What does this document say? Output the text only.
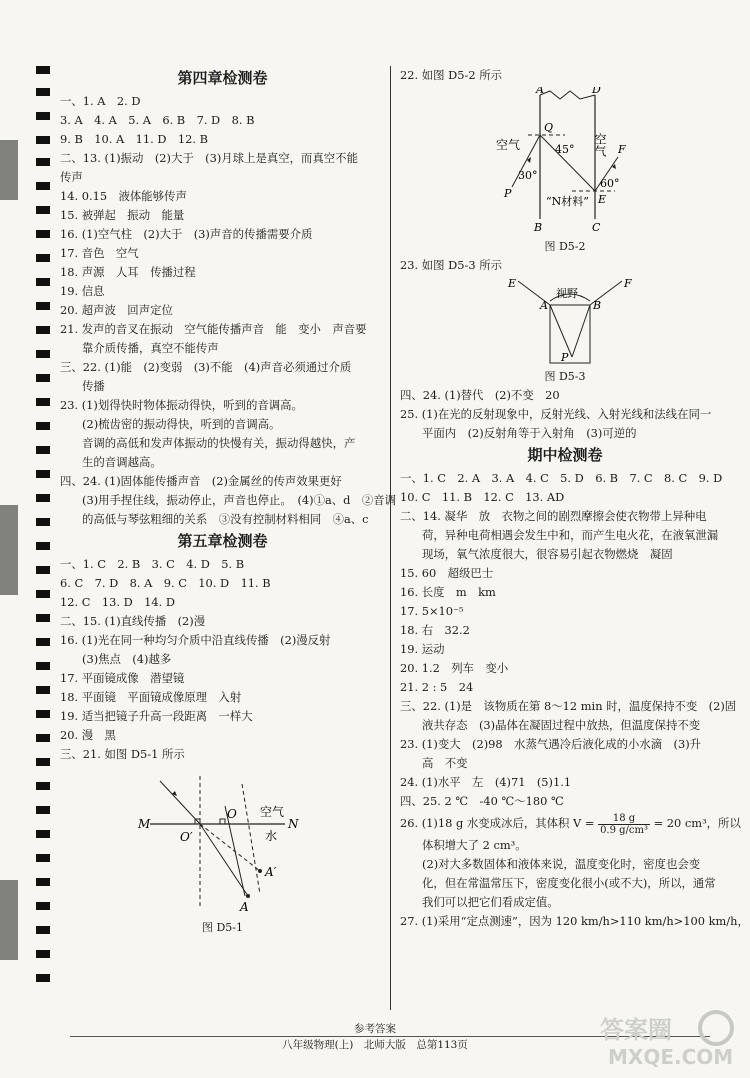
第四章检测卷
一、1. A　2. D
3. A　4. A　5. A　6. B　7. D　8. B
9. B　10. A　11. D　12. B
二、13. (1)振动　(2)大于　(3)月球上是真空，而真空不能
传声
14. 0.15　液体能够传声
15. 被弹起　振动　能量
16. (1)空气柱　(2)大于　(3)声音的传播需要介质
17. 音色　空气
18. 声源　人耳　传播过程
19. 信息
20. 超声波　回声定位
21. 发声的音叉在振动　空气能传播声音　能　变小　声音要
靠介质传播，真空不能传声
三、22. (1)能　(2)变弱　(3)不能　(4)声音必须通过介质
传播
23. (1)划得快时物体振动得快，听到的音调高。
(2)梳齿密的振动得快，听到的音调高。
音调的高低和发声体振动的快慢有关，振动得越快，产
生的音调越高。
四、24. (1)固体能传播声音　(2)金属丝的传声效果更好
(3)用手捏住线，振动停止，声音也停止。　(4)①a、d　②音调
的高低与琴弦粗细的关系　③没有控制材料相同　④a、c
第五章检测卷
一、1. C　2. B　3. C　4. D　5. B
6. C　7. D　8. A　9. C　10. D　11. B
12. C　13. D　14. D
二、15. (1)直线传播　(2)漫
16. (1)光在同一种均匀介质中沿直线传播　(2)漫反射
(3)焦点　(4)越多
17. 平面镜成像　潜望镜
18. 平面镜　平面镜成像原理　入射
19. 适当把镜子升高一段距离　一样大
20. 漫　黑
三、21. 如图 D5-1 所示
空气
水
M	N
O
O′
A′
A
图 D5-1
22. 如图 D5-2 所示
空气	空气
45°
30°
60°
“N材料”
A	D
B	C
E
F
P
Q
图 D5-2
23. 如图 D5-3 所示
视野
A	B
E	F
P
图 D5-3
四、24. (1)替代　(2)不变　20
25. (1)在光的反射现象中，反射光线、入射光线和法线在同一
平面内　(2)反射角等于入射角　(3)可逆的
期中检测卷
一、1. C　2. A　3. A　4. C　5. D　6. B　7. C　8. C　9. D
10. C　11. B　12. C　13. AD
二、14. 凝华　放　衣物之间的剧烈摩擦会使衣物带上异种电
荷，异种电荷相遇会发生中和，而产生电火花，在液氧泄漏
现场，氧气浓度很大，很容易引起衣物燃烧　凝固
15. 60　超级巴士
16. 长度　m　km
17. 5×10⁻⁵
18. 右　32.2
19. 运动
20. 1.2　列车　变小
21. 2 : 5　24
三、22. (1)是　该物质在第 8～12 min 时，温度保持不变　(2)固
液共存态　(3)晶体在凝固过程中放热，但温度保持不变
23. (1)变大　(2)98　水蒸气遇冷后液化成的小水滴　(3)升
高　不变
24. (1)水平　左　(4)71　(5)1.1
四、25. 2 ℃　-40 ℃～180 ℃
26. (1)18 g 水变成冰后，其体积 $V = \frac{18 g}{\text{0.9 g/cm³}} = 20$ cm³，所以
体积增大了 2 cm³。
(2)对大多数固体和液体来说，温度变化时，密度也会变
化，但在常温常压下，密度变化很小(或不大)，所以，通常
我们可以把它们看成定值。
27. (1)采用“定点测速”，因为 120 km/h>110 km/h>100 km/h，
参考答案
八年级物理(上)　北师大版　总第113页
答案圈
MXQE.COM
